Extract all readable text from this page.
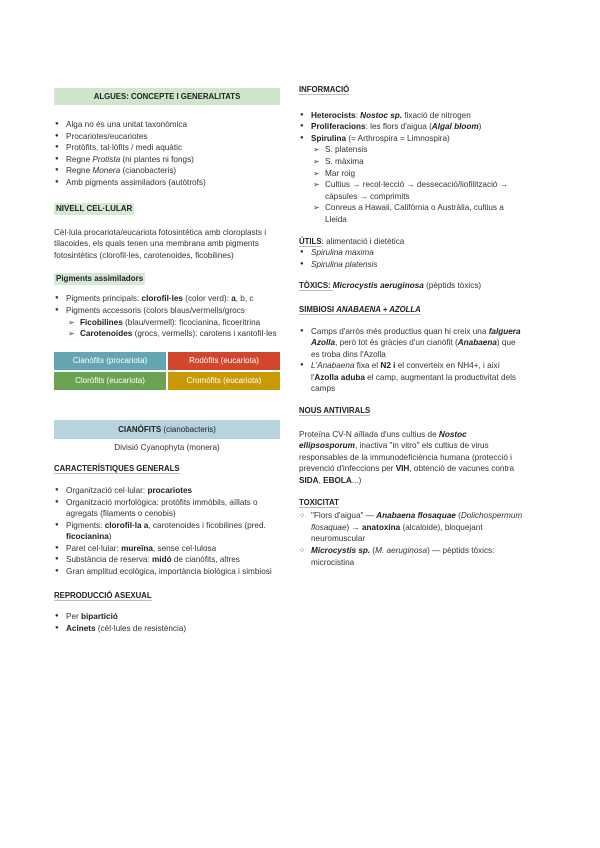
ALGUES: CONCEPTE I GENERALITATS
● Alga no és una unitat taxonòmica
● Procariotes/eucariotes
● Protòfits, tal·lòfits / medi aquàtic
● Regne Protista (ni plantes ni fongs)
● Regne Monera (cianobacteris)
● Amb pigments assimiladors (autòtrofs)
NIVELL CEL·LULAR
Cèl·lula procariota/eucariota fotosintètica amb cloroplasts i tilacoides, els quals tenen una membrana amb pigments fotosintètics (clorofil·les, carotenoides, ficobilines)
Pigments assimiladors
● Pigments principals: clorofil·les (color verd): a, b, c
● Pigments accessoris (colors blaus/vermells/grocs
➢ Ficobilines (blau/vermell): ficocianina, ficoeritrina
➢ Carotenoides (grocs, vermells): carotens i xantofil·les
Cianòfits (procariota)	Rodòfits (eucariota)
Cloròfits (eucariota)	Cromòfits (eucariota)
CIANÒFITS (cianobacteris)
Divisió Cyanophyta (monera)
CARACTERÍSTIQUES GENERALS
● Organització cel·lular: procariotes
● Organització morfològica: protòfits immòbils, aïllats o agregats (filaments o cenobis)
● Pigments: clorofil·la a, carotenoides i ficobilines (pred. ficocianina)
● Paret cel·lular: mureïna, sense cel·lulosa
● Substància de reserva: midó de cianòfits, altres
● Gran amplitud ecològica, importància biològica i simbiosi
REPRODUCCIÓ ASEXUAL
● Per bipartició
● Acinets (cèl·lules de resistència)
INFORMACIÓ
● Heterocists: Nostoc sp. fixació de nitrogen
● Proliferacions: les flors d'aigua (Algal bloom)
● Spirulina (= Arthrospira = Limnospira)
➢ S. platensis
➢ S. màxima
➢ Mar roig
➢ Cultius → recol·lecció → dessecació/liofilització → càpsules → comprimits
➢ Conreus a Hawaii, Califòrnia o Austràlia, cultius a Lleida
ÚTILS: alimentació i dietètica
● Spirulina maxima
● Spirulina platensis
TÒXICS: Microcystis aeruginosa (pèptids tòxics)
SIMBIOSI ANABAENA + AZOLLA
● Camps d'arròs més productius quan hi creix una falguera Azolla, però tot és gràcies d'un cianòfit (Anabaena) que es troba dins l'Azolla
● L'Anabaena fixa el N2 i el converteix en NH4+, i així l'Azolla aduba el camp, augmentant la productivitat dels camps
NOUS ANTIVIRALS
Proteïna CV-N aïllada d'uns cultius de Nostoc ellipsosporum, inactiva "in vitro" els cultius de virus responsables de la immunodeficiència humana (protecció i prevenció d'infeccions per VIH, obtenció de vacunes contra SIDA, EBOLA...)
TOXICITAT
○ "Flors d'aigua" — Anabaena flosaquae (Dolichospermum flosaquae) → anatoxina (alcaloide), bloquejant neuromuscular
○ Microcystis sp. (M. aeruginosa) — pèptids tòxics: microcistina
